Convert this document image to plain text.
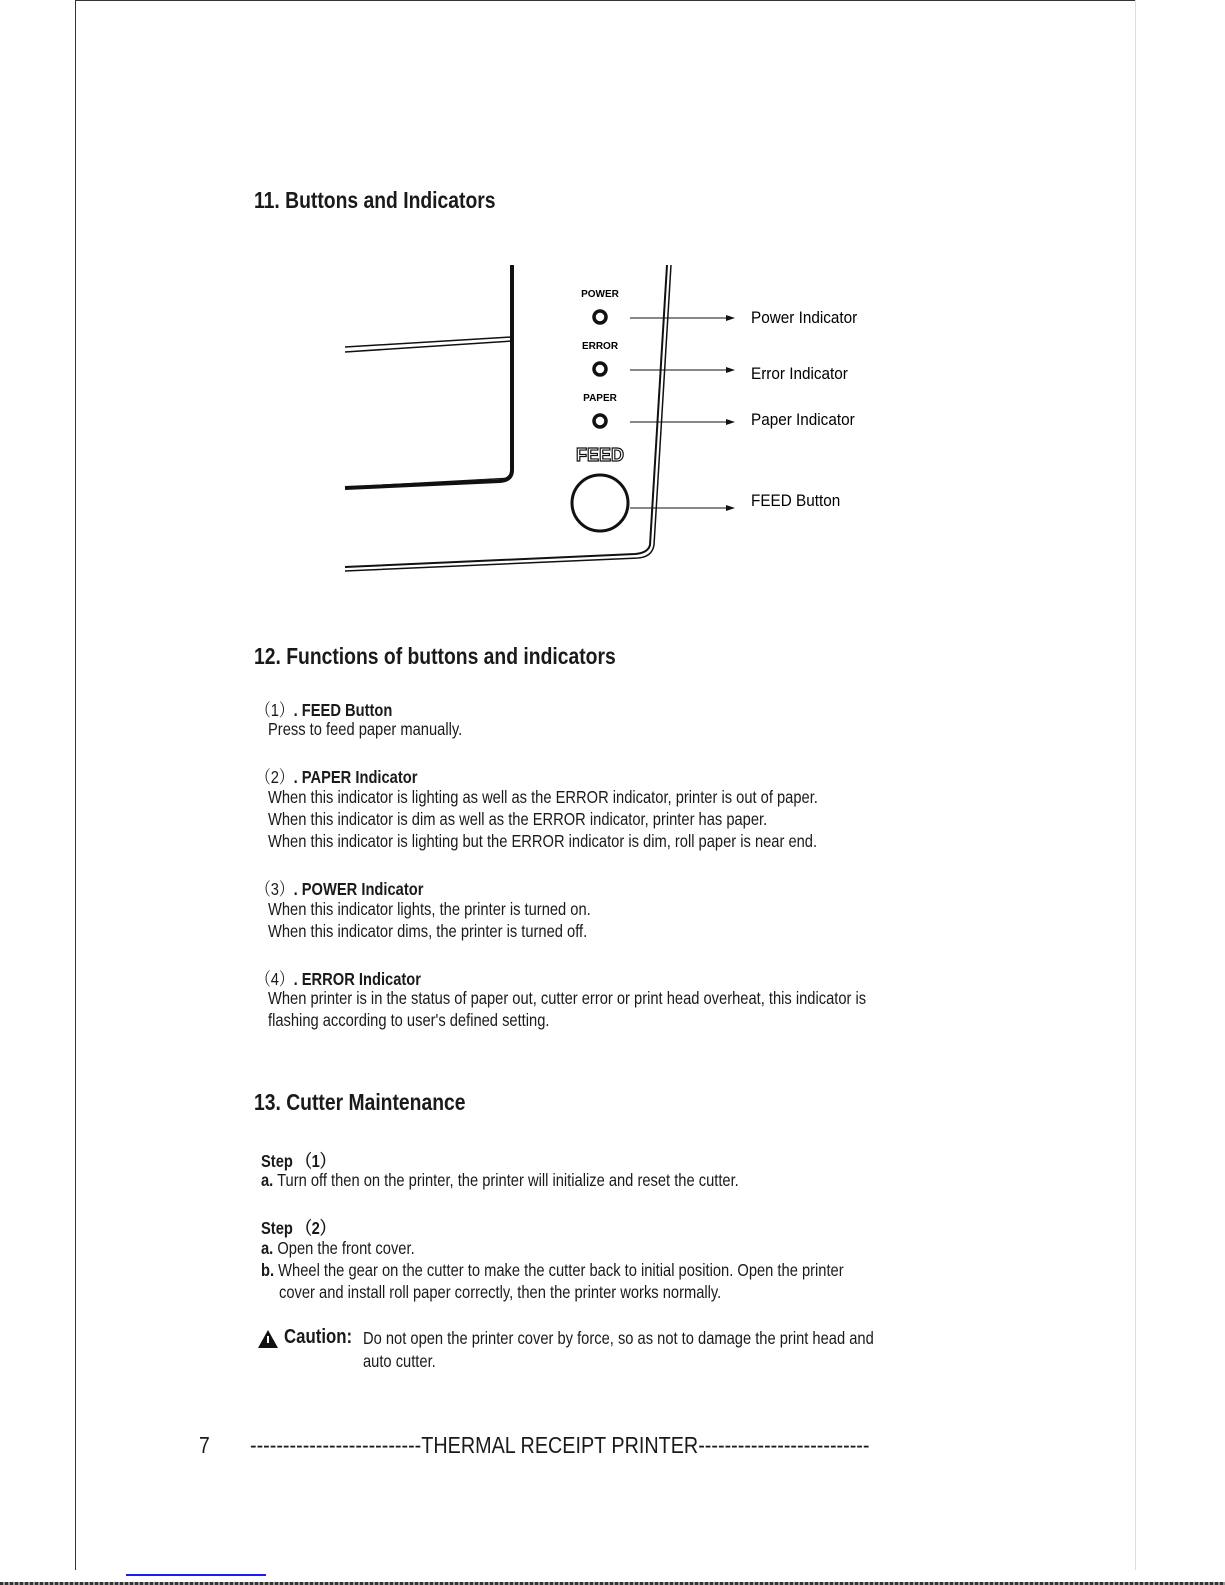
11. Buttons and Indicators
POWER
ERROR
PAPER
FEED
Power Indicator
Error Indicator
Paper Indicator
FEED Button
12. Functions of buttons and indicators
（1）. FEED Button
Press to feed paper manually.
（2）. PAPER Indicator
When this indicator is lighting as well as the ERROR indicator, printer is out of paper.
When this indicator is dim as well as the ERROR indicator, printer has paper.
When this indicator is lighting but the ERROR indicator is dim, roll paper is near end.
（3）. POWER Indicator
When this indicator lights, the printer is turned on.
When this indicator dims, the printer is turned off.
（4）. ERROR Indicator
When printer is in the status of paper out, cutter error or print head overheat, this indicator is
flashing according to user's defined setting.
13. Cutter Maintenance
Step （1）
a. Turn off then on the printer, the printer will initialize and reset the cutter.
Step （2）
a. Open the front cover.
b. Wheel the gear on the cutter to make the cutter back to initial position. Open the printer
cover and install roll paper correctly, then the printer works normally.
Caution: Do not open the printer cover by force, so as not to damage the print head and
auto cutter.
7 --------------------------THERMAL RECEIPT PRINTER--------------------------
